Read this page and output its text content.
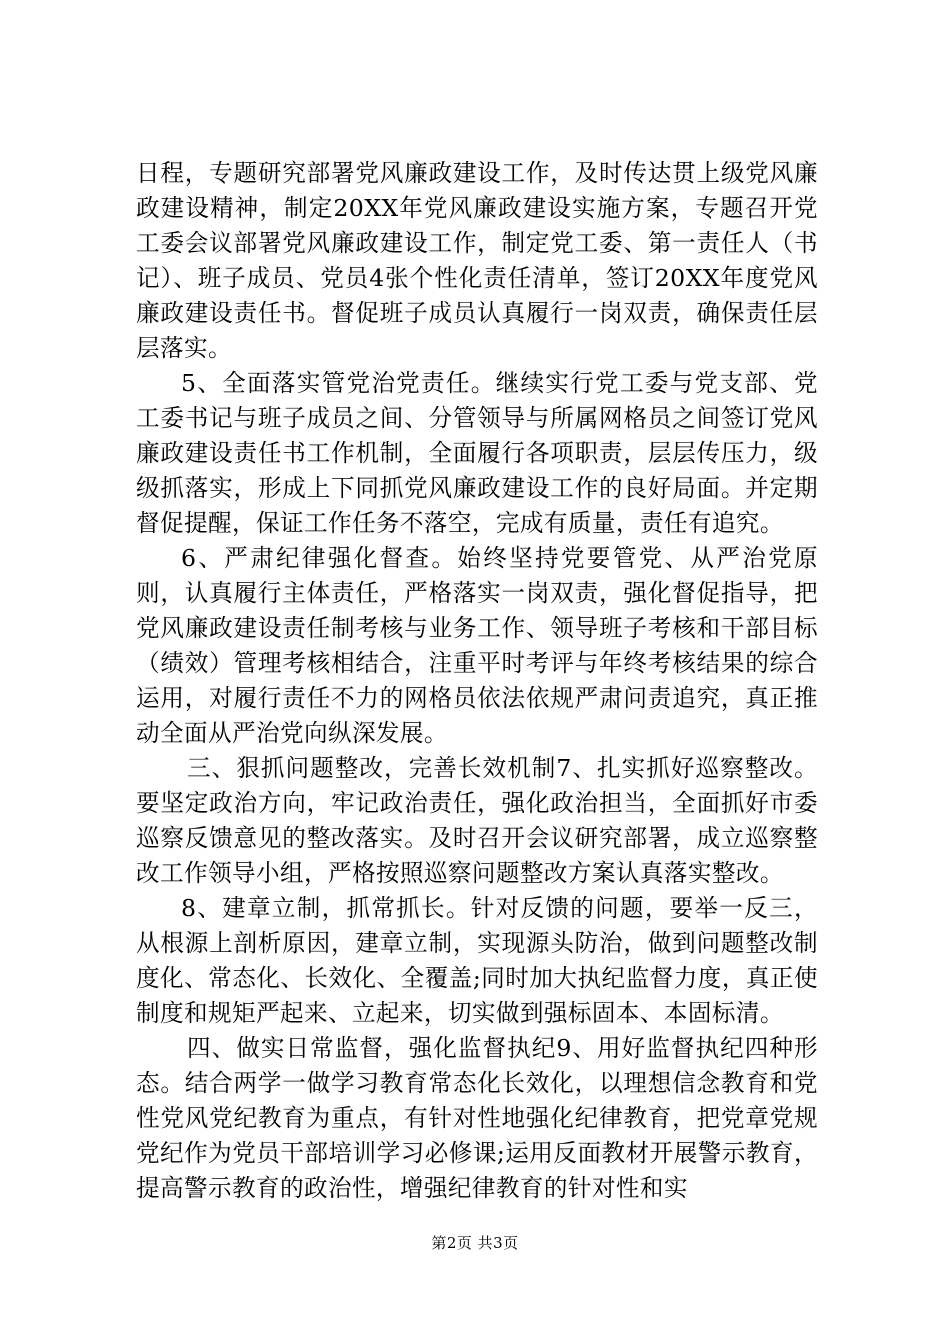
日程，专题研究部署党风廉政建设工作，及时传达贯上级党风廉政建设精神，制定20XX年党风廉政建设实施方案，专题召开党工委会议部署党风廉政建设工作，制定党工委、第一责任人（书记）、班子成员、党员4张个性化责任清单，签订20XX年度党风廉政建设责任书。督促班子成员认真履行一岗双责，确保责任层层落实。

5、全面落实管党治党责任。继续实行党工委与党支部、党工委书记与班子成员之间、分管领导与所属网格员之间签订党风廉政建设责任书工作机制，全面履行各项职责，层层传压力，级级抓落实，形成上下同抓党风廉政建设工作的良好局面。并定期督促提醒，保证工作任务不落空，完成有质量，责任有追究。

6、严肃纪律强化督查。始终坚持党要管党、从严治党原则，认真履行主体责任，严格落实一岗双责，强化督促指导，把党风廉政建设责任制考核与业务工作、领导班子考核和干部目标（绩效）管理考核相结合，注重平时考评与年终考核结果的综合运用，对履行责任不力的网格员依法依规严肃问责追究，真正推动全面从严治党向纵深发展。

三、狠抓问题整改，完善长效机制7、扎实抓好巡察整改。要坚定政治方向，牢记政治责任，强化政治担当，全面抓好市委巡察反馈意见的整改落实。及时召开会议研究部署，成立巡察整改工作领导小组，严格按照巡察问题整改方案认真落实整改。

8、建章立制，抓常抓长。针对反馈的问题，要举一反三，从根源上剖析原因，建章立制，实现源头防治，做到问题整改制度化、常态化、长效化、全覆盖;同时加大执纪监督力度，真正使制度和规矩严起来、立起来，切实做到强标固本、本固标清。

四、做实日常监督，强化监督执纪9、用好监督执纪四种形态。结合两学一做学习教育常态化长效化，以理想信念教育和党性党风党纪教育为重点，有针对性地强化纪律教育，把党章党规党纪作为党员干部培训学习必修课;运用反面教材开展警示教育，提高警示教育的政治性，增强纪律教育的针对性和实

第2页 共3页
